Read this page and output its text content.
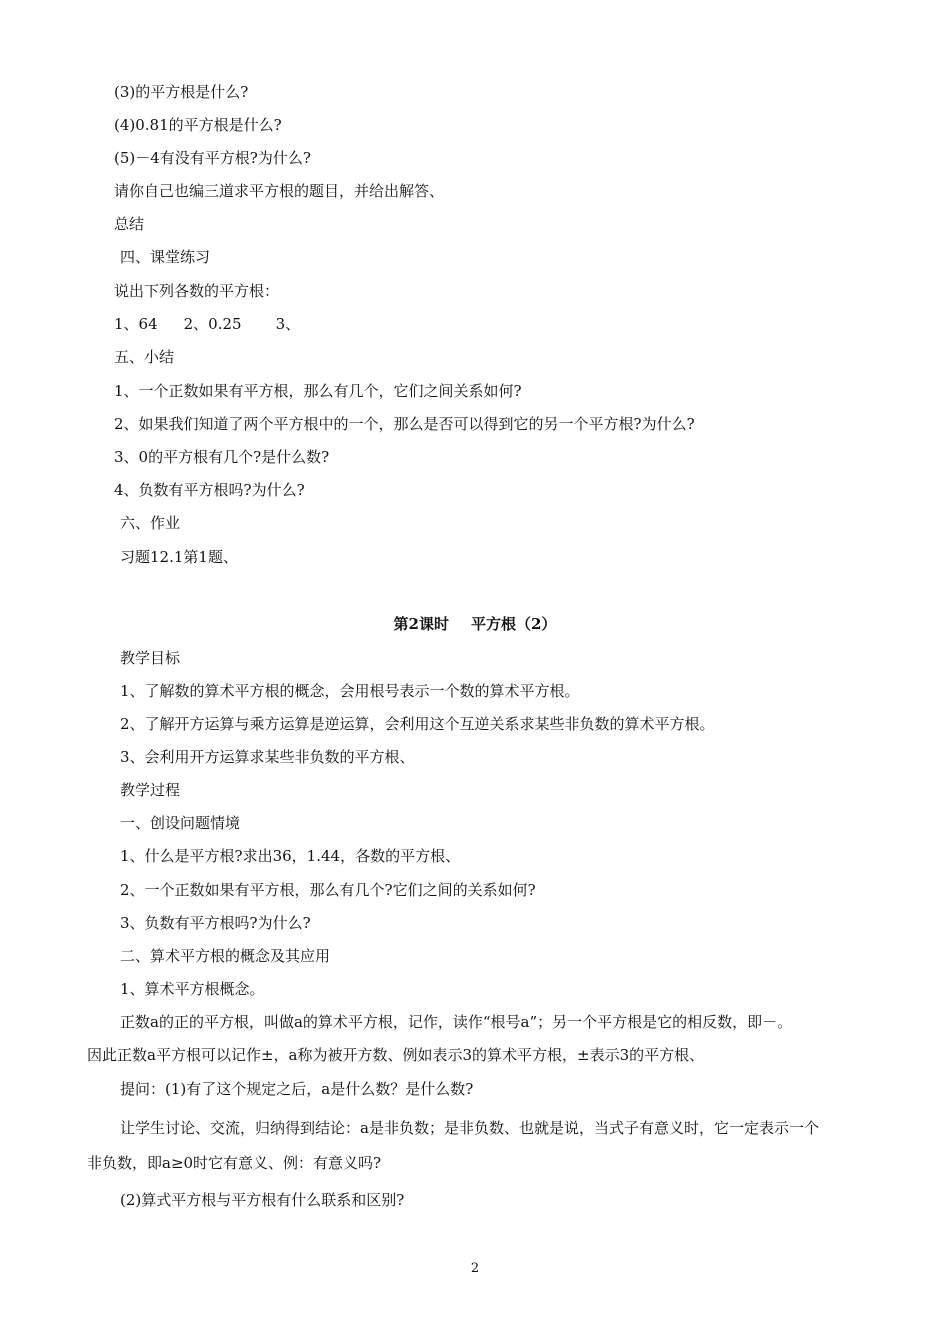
(3)的平方根是什么?
(4)0.81的平方根是什么?
(5)－4有没有平方根?为什么?
请你自己也编三道求平方根的题目，并给出解答、
总结
四、课堂练习
说出下列各数的平方根：
1、64 2、0.25 3、
五、小结
1、一个正数如果有平方根，那么有几个，它们之间关系如何?
2、如果我们知道了两个平方根中的一个，那么是否可以得到它的另一个平方根?为什么?
3、0的平方根有几个?是什么数?
4、负数有平方根吗?为什么?
六、作业
习题12.1第1题、
第2课时 平方根（2）
教学目标
1、了解数的算术平方根的概念，会用根号表示一个数的算术平方根。
2、了解开方运算与乘方运算是逆运算，会利用这个互逆关系求某些非负数的算术平方根。
3、会利用开方运算求某些非负数的平方根、
教学过程
一、创设问题情境
1、什么是平方根?求出36，1.44，各数的平方根、
2、一个正数如果有平方根，那么有几个?它们之间的关系如何?
3、负数有平方根吗?为什么?
二、算术平方根的概念及其应用
1、算术平方根概念。
正数a的正的平方根，叫做a的算术平方根，记作，读作“根号a”；另一个平方根是它的相反数，即－。
因此正数a平方根可以记作±，a称为被开方数、例如表示3的算术平方根，±表示3的平方根、
提问：(1)有了这个规定之后，a是什么数？是什么数?
让学生讨论、交流，归纳得到结论：a是非负数；是非负数、也就是说，当式子有意义时，它一定表示一个
非负数，即a≥0时它有意义、例：有意义吗?
(2)算式平方根与平方根有什么联系和区别?
2
